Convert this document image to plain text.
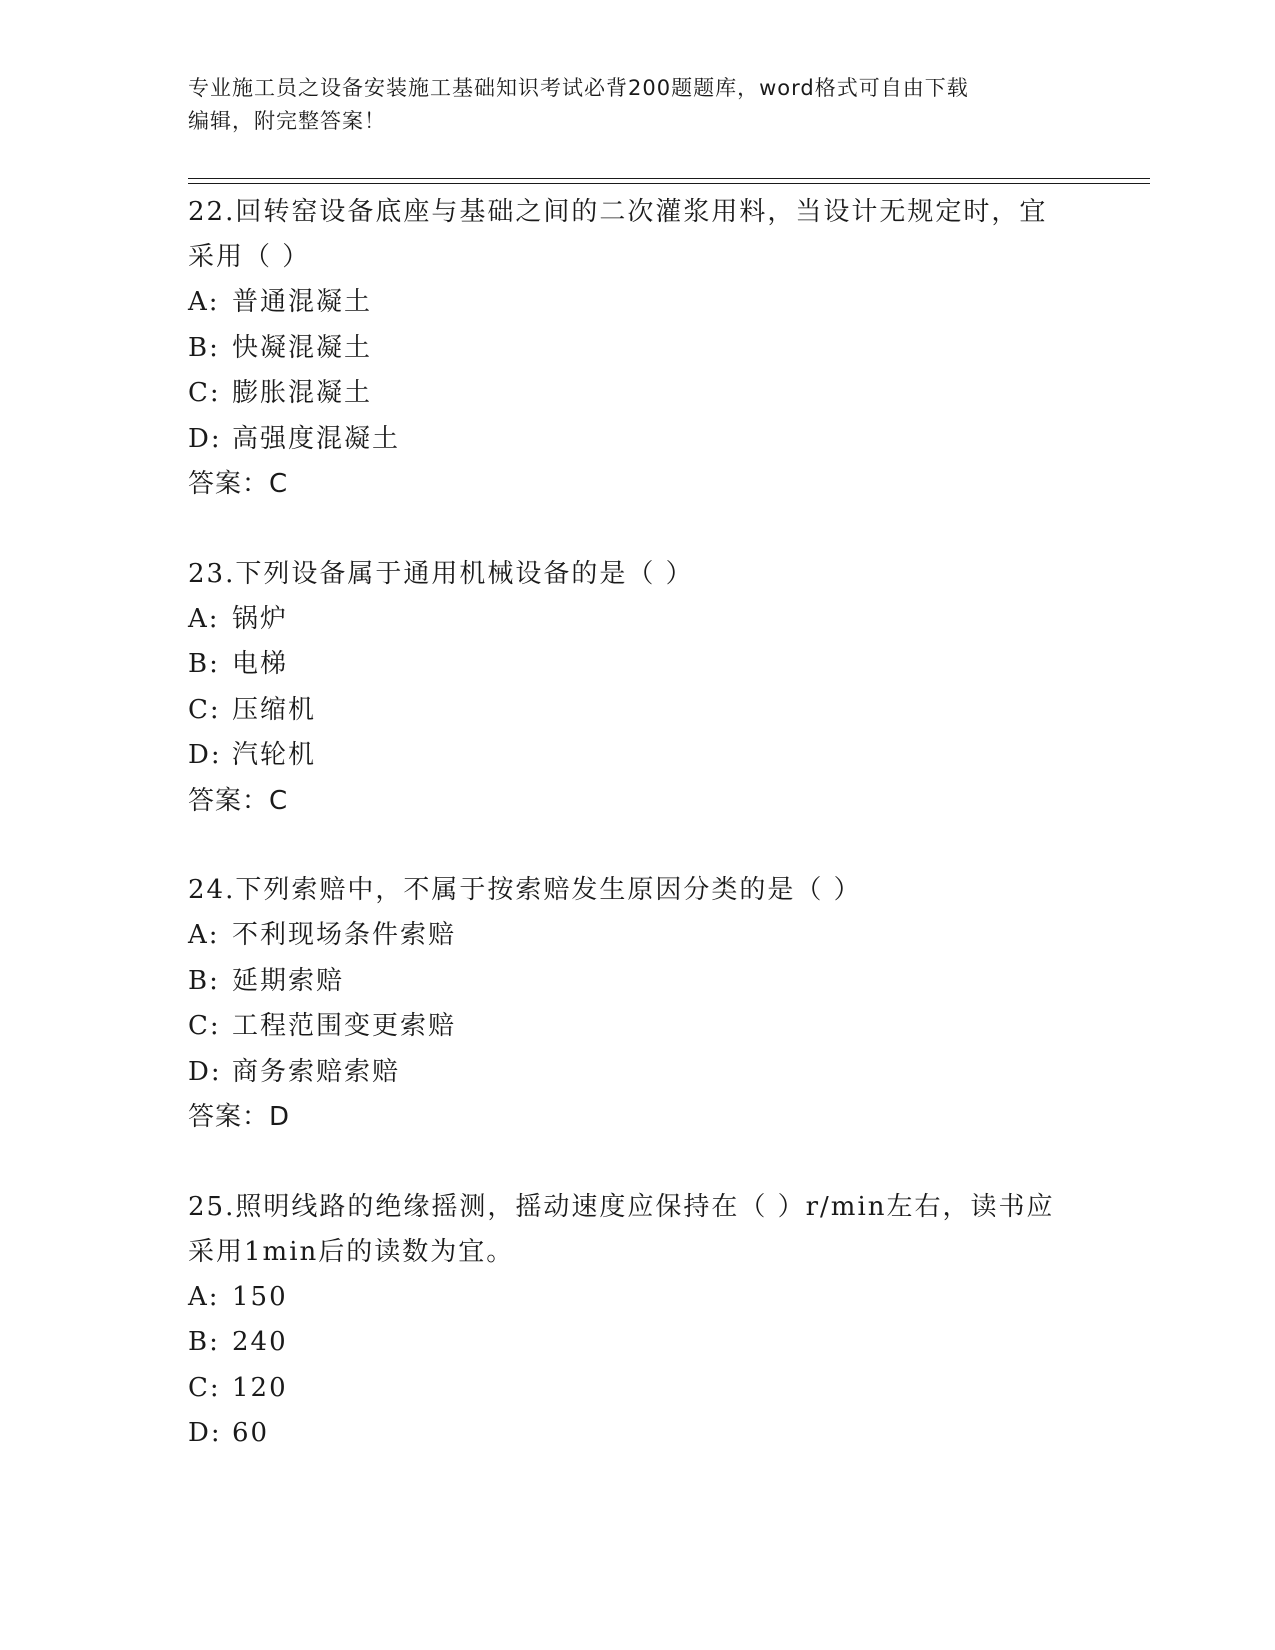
专业施工员之设备安装施工基础知识考试必背200题题库，word格式可自由下载
编辑，附完整答案！
22.回转窑设备底座与基础之间的二次灌浆用料，当设计无规定时，宜
采用（ ）
A: 普通混凝土
B: 快凝混凝土
C: 膨胀混凝土
D: 高强度混凝土
答案：C
23.下列设备属于通用机械设备的是（ ）
A: 锅炉
B: 电梯
C: 压缩机
D: 汽轮机
答案：C
24.下列索赔中，不属于按索赔发生原因分类的是（ ）
A: 不利现场条件索赔
B: 延期索赔
C: 工程范围变更索赔
D: 商务索赔索赔
答案：D
25.照明线路的绝缘摇测，摇动速度应保持在（ ）r/min左右，读书应
采用1min后的读数为宜。
A: 150
B: 240
C: 120
D: 60
